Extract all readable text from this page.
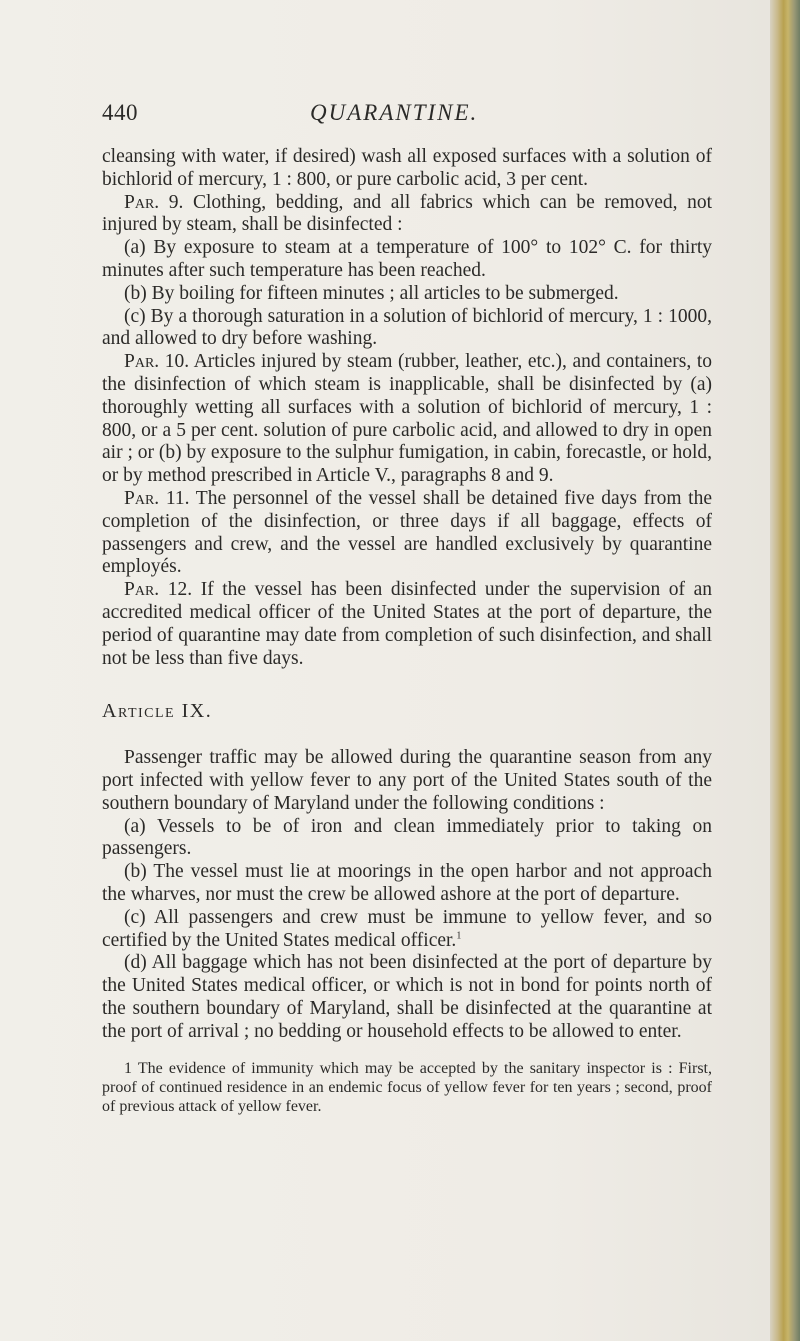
440	QUARANTINE.

cleansing with water, if desired) wash all exposed surfaces with a solution of bichlorid of mercury, 1 : 800, or pure carbolic acid, 3 per cent.

Par. 9. Clothing, bedding, and all fabrics which can be removed, not injured by steam, shall be disinfected :

(a) By exposure to steam at a temperature of 100° to 102° C. for thirty minutes after such temperature has been reached.

(b) By boiling for fifteen minutes ; all articles to be submerged.

(c) By a thorough saturation in a solution of bichlorid of mercury, 1 : 1000, and allowed to dry before washing.

Par. 10. Articles injured by steam (rubber, leather, etc.), and containers, to the disinfection of which steam is inapplicable, shall be disinfected by (a) thoroughly wetting all surfaces with a solution of bichlorid of mercury, 1 : 800, or a 5 per cent. solution of pure carbolic acid, and allowed to dry in open air ; or (b) by exposure to the sulphur fumigation, in cabin, forecastle, or hold, or by method prescribed in Article V., paragraphs 8 and 9.

Par. 11. The personnel of the vessel shall be detained five days from the completion of the disinfection, or three days if all baggage, effects of passengers and crew, and the vessel are handled exclusively by quarantine employés.

Par. 12. If the vessel has been disinfected under the supervision of an accredited medical officer of the United States at the port of departure, the period of quarantine may date from completion of such disinfection, and shall not be less than five days.

Article IX.

Passenger traffic may be allowed during the quarantine season from any port infected with yellow fever to any port of the United States south of the southern boundary of Maryland under the following conditions :

(a) Vessels to be of iron and clean immediately prior to taking on passengers.

(b) The vessel must lie at moorings in the open harbor and not approach the wharves, nor must the crew be allowed ashore at the port of departure.

(c) All passengers and crew must be immune to yellow fever, and so certified by the United States medical officer.$^1$

(d) All baggage which has not been disinfected at the port of departure by the United States medical officer, or which is not in bond for points north of the southern boundary of Maryland, shall be disinfected at the quarantine at the port of arrival ; no bedding or household effects to be allowed to enter.

1 The evidence of immunity which may be accepted by the sanitary inspector is : First, proof of continued residence in an endemic focus of yellow fever for ten years ; second, proof of previous attack of yellow fever.
